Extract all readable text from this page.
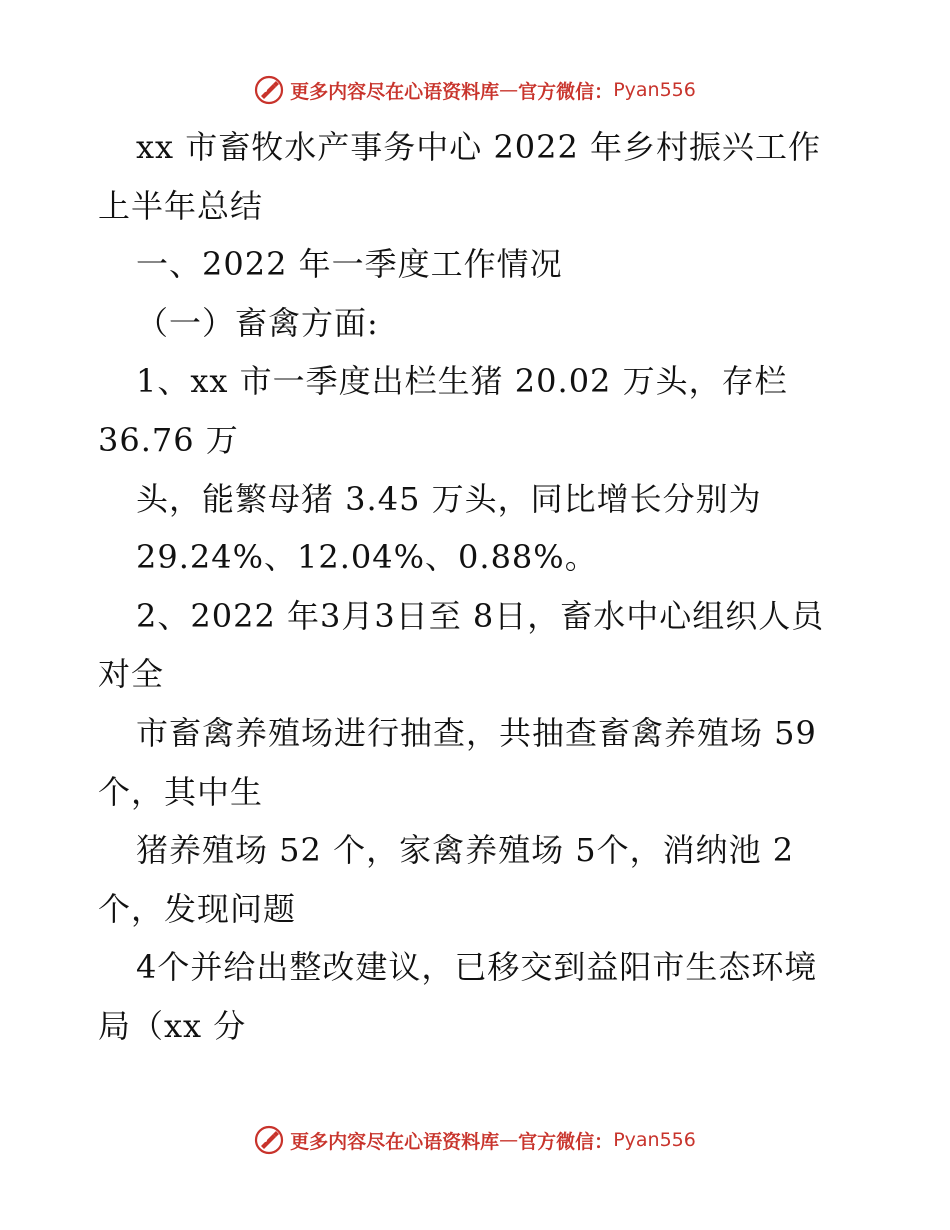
更多内容尽在心语资料库 — 官方微信： Pyan556
xx 市畜牧水产事务中心 2022 年乡村振兴工作
上半年总结
一、2022 年一季度工作情况
（一）畜禽方面:
1、xx 市一季度出栏生猪 20.02 万头，存栏
36.76 万
头，能繁母猪 3.45 万头，同比增长分别为
29.24%、12.04%、0.88%。
2、2022 年3月3日至 8日，畜水中心组织人员
对全
市畜禽养殖场进行抽查，共抽查畜禽养殖场 59
个，其中生
猪养殖场 52 个，家禽养殖场 5个，消纳池 2
个，发现问题
4个并给出整改建议，已移交到益阳市生态环境
局（xx 分
更多内容尽在心语资料库 — 官方微信： Pyan556
